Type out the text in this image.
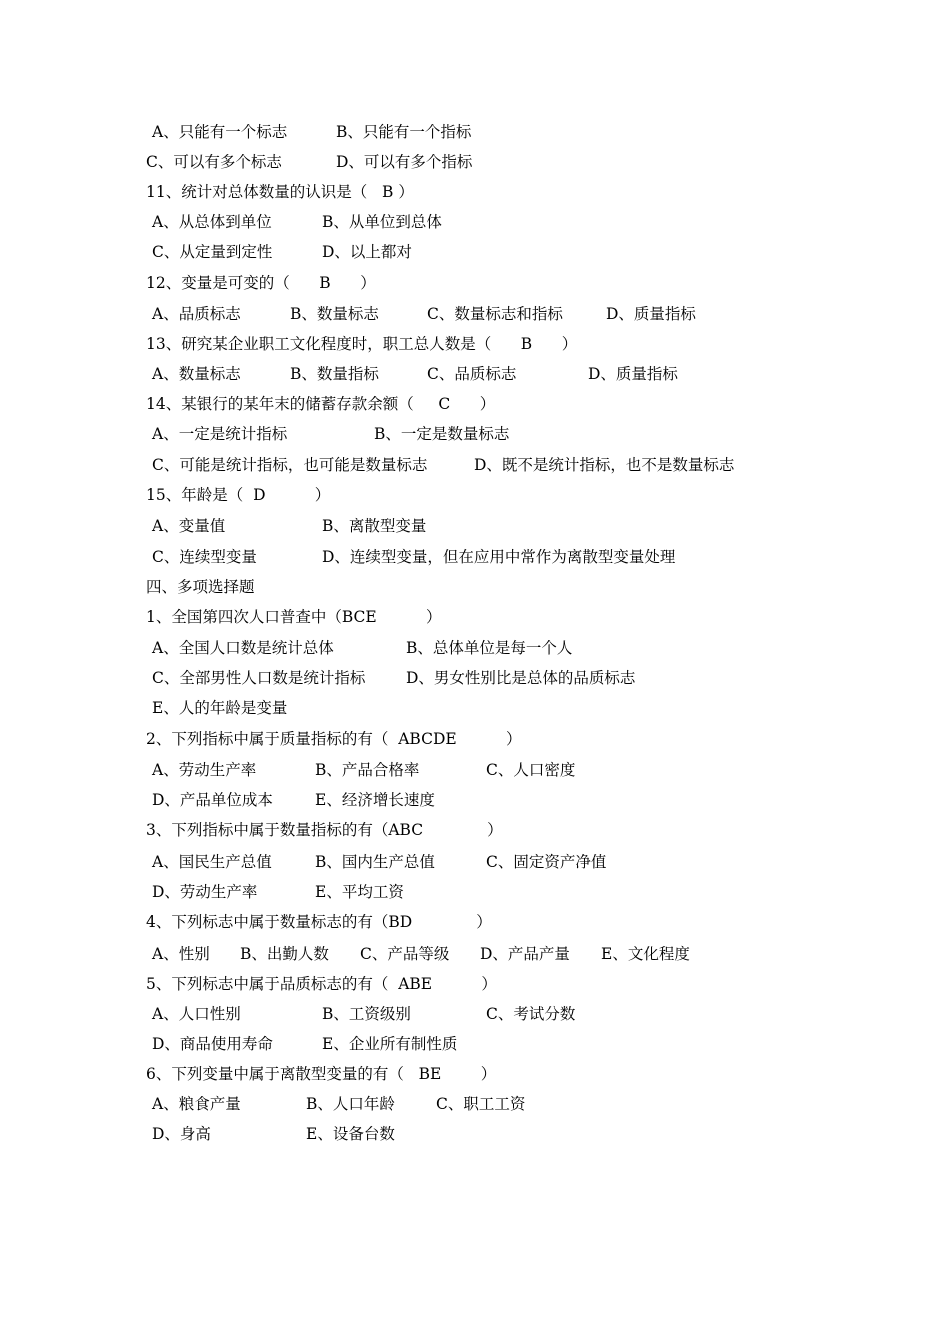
A、只能有一个标志	B、只能有一个指标
C、可以有多个标志	D、可以有多个指标
11、统计对总体数量的认识是（   B ）
A、从总体到单位	B、从单位到总体
C、从定量到定性	D、以上都对
12、变量是可变的（      B      ）
A、品质标志	B、数量标志	C、数量标志和指标	D、质量指标
13、研究某企业职工文化程度时，职工总人数是（      B      ）
A、数量标志	B、数量指标	C、品质标志	D、质量指标
14、某银行的某年末的储蓄存款余额（     C      ）
A、一定是统计指标	B、一定是数量标志
C、可能是统计指标，也可能是数量标志	D、既不是统计指标，也不是数量标志
15、年龄是（  D          ）
A、变量值	B、离散型变量
C、连续型变量	D、连续型变量，但在应用中常作为离散型变量处理
四、多项选择题
1、全国第四次人口普查中（BCE          ）
A、全国人口数是统计总体	B、总体单位是每一个人
C、全部男性人口数是统计指标	D、男女性别比是总体的品质标志
E、人的年龄是变量
2、下列指标中属于质量指标的有（  ABCDE          ）
A、劳动生产率	B、产品合格率	C、人口密度
D、产品单位成本	E、经济增长速度
3、下列指标中属于数量指标的有（ABC             ）
A、国民生产总值	B、国内生产总值	C、固定资产净值
D、劳动生产率	E、平均工资
4、下列标志中属于数量标志的有（BD             ）
A、性别 B、出勤人数 C、产品等级 D、产品产量 E、文化程度
5、下列标志中属于品质标志的有（  ABE          ）
A、人口性别	B、工资级别	C、考试分数
D、商品使用寿命	E、企业所有制性质
6、下列变量中属于离散型变量的有（   BE        ）
A、粮食产量	B、人口年龄	C、职工工资
D、身高	E、设备台数
